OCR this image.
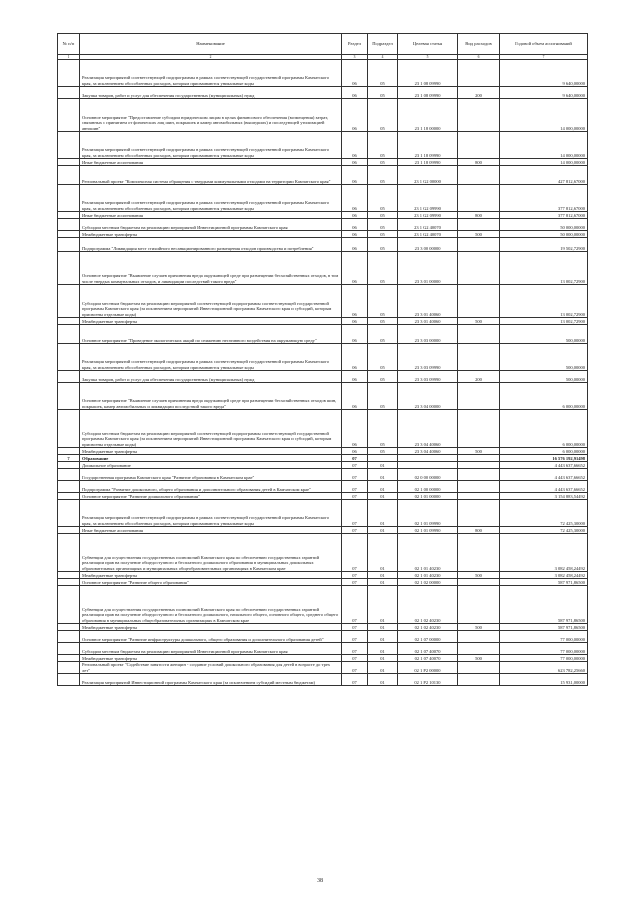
№ п/п	Наименование	Раздел	Подраздел	Целевая статья	Вид расходов	Годовой объем ассигнований
1	2	3	4	5	6	7
	Реализация мероприятий соответствующей подпрограммы в рамках соответствующей государственной программы Камчатского края, за исключением обособленных расходов, которым присваиваются уникальные коды	06	05	23 1 08 09990		9 640,00000
	Закупка товаров, работ и услуг для обеспечения государственных (муниципальных) нужд	06	05	23 1 08 09990	200	9 640,00000
	Основное мероприятие "Предоставление субсидии юридическим лицам в целях финансового обеспечения (возмещения) затрат, связанных с принятием от физических лиц шин, покрышек и камер автомобильных (вышедших) и последующей утилизацией автошин"	06	05	23 1 18 00000		14 000,00000
	Реализация мероприятий соответствующей подпрограммы в рамках соответствующей государственной программы Камчатского края, за исключением обособленных расходов, которым присваиваются уникальные коды	06	05	23 1 18 09990		14 000,00000
	Иные бюджетные ассигнования	06	05	23 1 18 09990	800	14 000,00000
	Региональный проект "Комплексная система обращения с твердыми коммунальными отходами на территории Камчатского края"	06	05	23 1 G2 00000		427 812,67000
	Реализация мероприятий соответствующей подпрограммы в рамках соответствующей государственной программы Камчатского края, за исключением обособленных расходов, которым присваиваются уникальные коды	06	05	23 1 G2 09990		377 812,67000
	Иные бюджетные ассигнования	06	05	23 1 G2 09990	800	377 812,67000
	Субсидии местным бюджетам на реализацию мероприятий Инвестиционной программы Камчатского края	06	05	23 1 G2 40070		50 000,00000
	Межбюджетные трансферты	06	05	23 1 G2 40070	500	50 000,00000
	Подпрограмма "Ликвидация мест стихийного несанкционированного размещения отходов производства и потребления"	06	05	23 3 00 00000		19 502,72900
	Основное мероприятие "Выявление случаев причинения вреда окружающей среде при размещении бесхозяйственных отходов, в том числе твердых коммунальных отходов, и ликвидации последствий такого вреда"	06	05	23 3 01 00000		13 002,72900
	Субсидии местным бюджетам на реализацию мероприятий соответствующей подпрограммы соответствующей государственной программы Камчатского края (за исключением мероприятий Инвестиционной программы Камчатского края и субсидий, которым присвоены отдельные коды)	06	05	23 3 01 40060		13 002,72900
	Межбюджетные трансферты	06	05	23 3 01 40060	500	13 002,72900
	Основное мероприятие "Проведение экологических акций по снижению негативного воздействия на окружающую среду"	06	05	23 3 03 00000		500,00000
	Реализация мероприятий соответствующей подпрограммы в рамках соответствующей государственной программы Камчатского края, за исключением обособленных расходов, которым присваиваются уникальные коды	06	05	23 3 03 09990		500,00000
	Закупка товаров, работ и услуг для обеспечения государственных (муниципальных) нужд	06	05	23 3 03 09990	200	500,00000
	Основное мероприятие "Выявление случаев причинения вреда окружающей среде при размещении бесхозяйственных отходов шин, покрышек, камер автомобильных и ликвидации последствий такого вреда"	06	05	23 3 04 00000		6 000,00000
	Субсидии местным бюджетам на реализацию мероприятий соответствующей подпрограммы соответствующей государственной программы Камчатского края (за исключением мероприятий Инвестиционной программы Камчатского края и субсидий, которым присвоены отдельные коды)	06	05	23 3 04 40060		6 000,00000
	Межбюджетные трансферты	06	05	23 3 04 40060	500	6 000,00000
7	Образование	07				16 576 192,91498
	Дошкольное образование	07	01			4 443 637,66652
	Государственная программа Камчатского края "Развитие образования в Камчатском крае"	07	01	02 0 00 00000		4 443 637,66652
	Подпрограмма "Развитие дошкольного, общего образования и дополнительного образования детей в Камчатском крае"	07	01	02 1 00 00000		4 443 637,66652
	Основное мероприятие "Развитие дошкольного образования"	07	01	02 1 01 00000		3 154 883,54492
	Реализация мероприятий соответствующей подпрограммы в рамках соответствующей государственной программы Камчатского края, за исключением обособленных расходов, которым присваиваются уникальные коды	07	01	02 1 01 09990		72 425,30000
	Иные бюджетные ассигнования	07	01	02 1 01 09990	800	72 425,30000
	Субвенции для осуществления государственных полномочий Камчатского края по обеспечению государственных гарантий реализации прав на получение общедоступного и бесплатного дошкольного образования в муниципальных дошкольных образовательных организациях и муниципальных общеобразовательных организациях в Камчатском крае	07	01	02 1 01 40230		3 082 458,24492
	Межбюджетные трансферты	07	01	02 1 01 40230	500	3 082 458,24492
	Основное мероприятие "Развитие общего образования"	07	01	02 1 02 00000		587 971,86500
	Субвенции для осуществления государственных полномочий Камчатского края по обеспечению государственных гарантий реализации прав на получение общедоступного и бесплатного дошкольного, начального общего, основного общего, среднего общего образования в муниципальных общеобразовательных организациях в Камчатском крае	07	01	02 1 02 40230		587 971,86500
	Межбюджетные трансферты	07	01	02 1 02 40230	500	587 971,86500
	Основное мероприятие "Развитие инфраструктуры дошкольного, общего образования и дополнительного образования детей"	07	01	02 1 07 00000		77 000,00000
	Субсидии местным бюджетам на реализацию мероприятий Инвестиционной программы Камчатского края	07	01	02 1 07 40070		77 000,00000
	Межбюджетные трансферты	07	01	02 1 07 40070	500	77 000,00000
	Региональный проект "Содействие занятости женщин - создание условий дошкольного образования для детей в возрасте до трех лет"	07	01	02 1 P2 00000		623 782,25660
	Реализация мероприятий Инвестиционной программы Камчатского края (за исключением субсидий местным бюджетам)	07	01	02 1 P2 10130		15 931,00000
38
